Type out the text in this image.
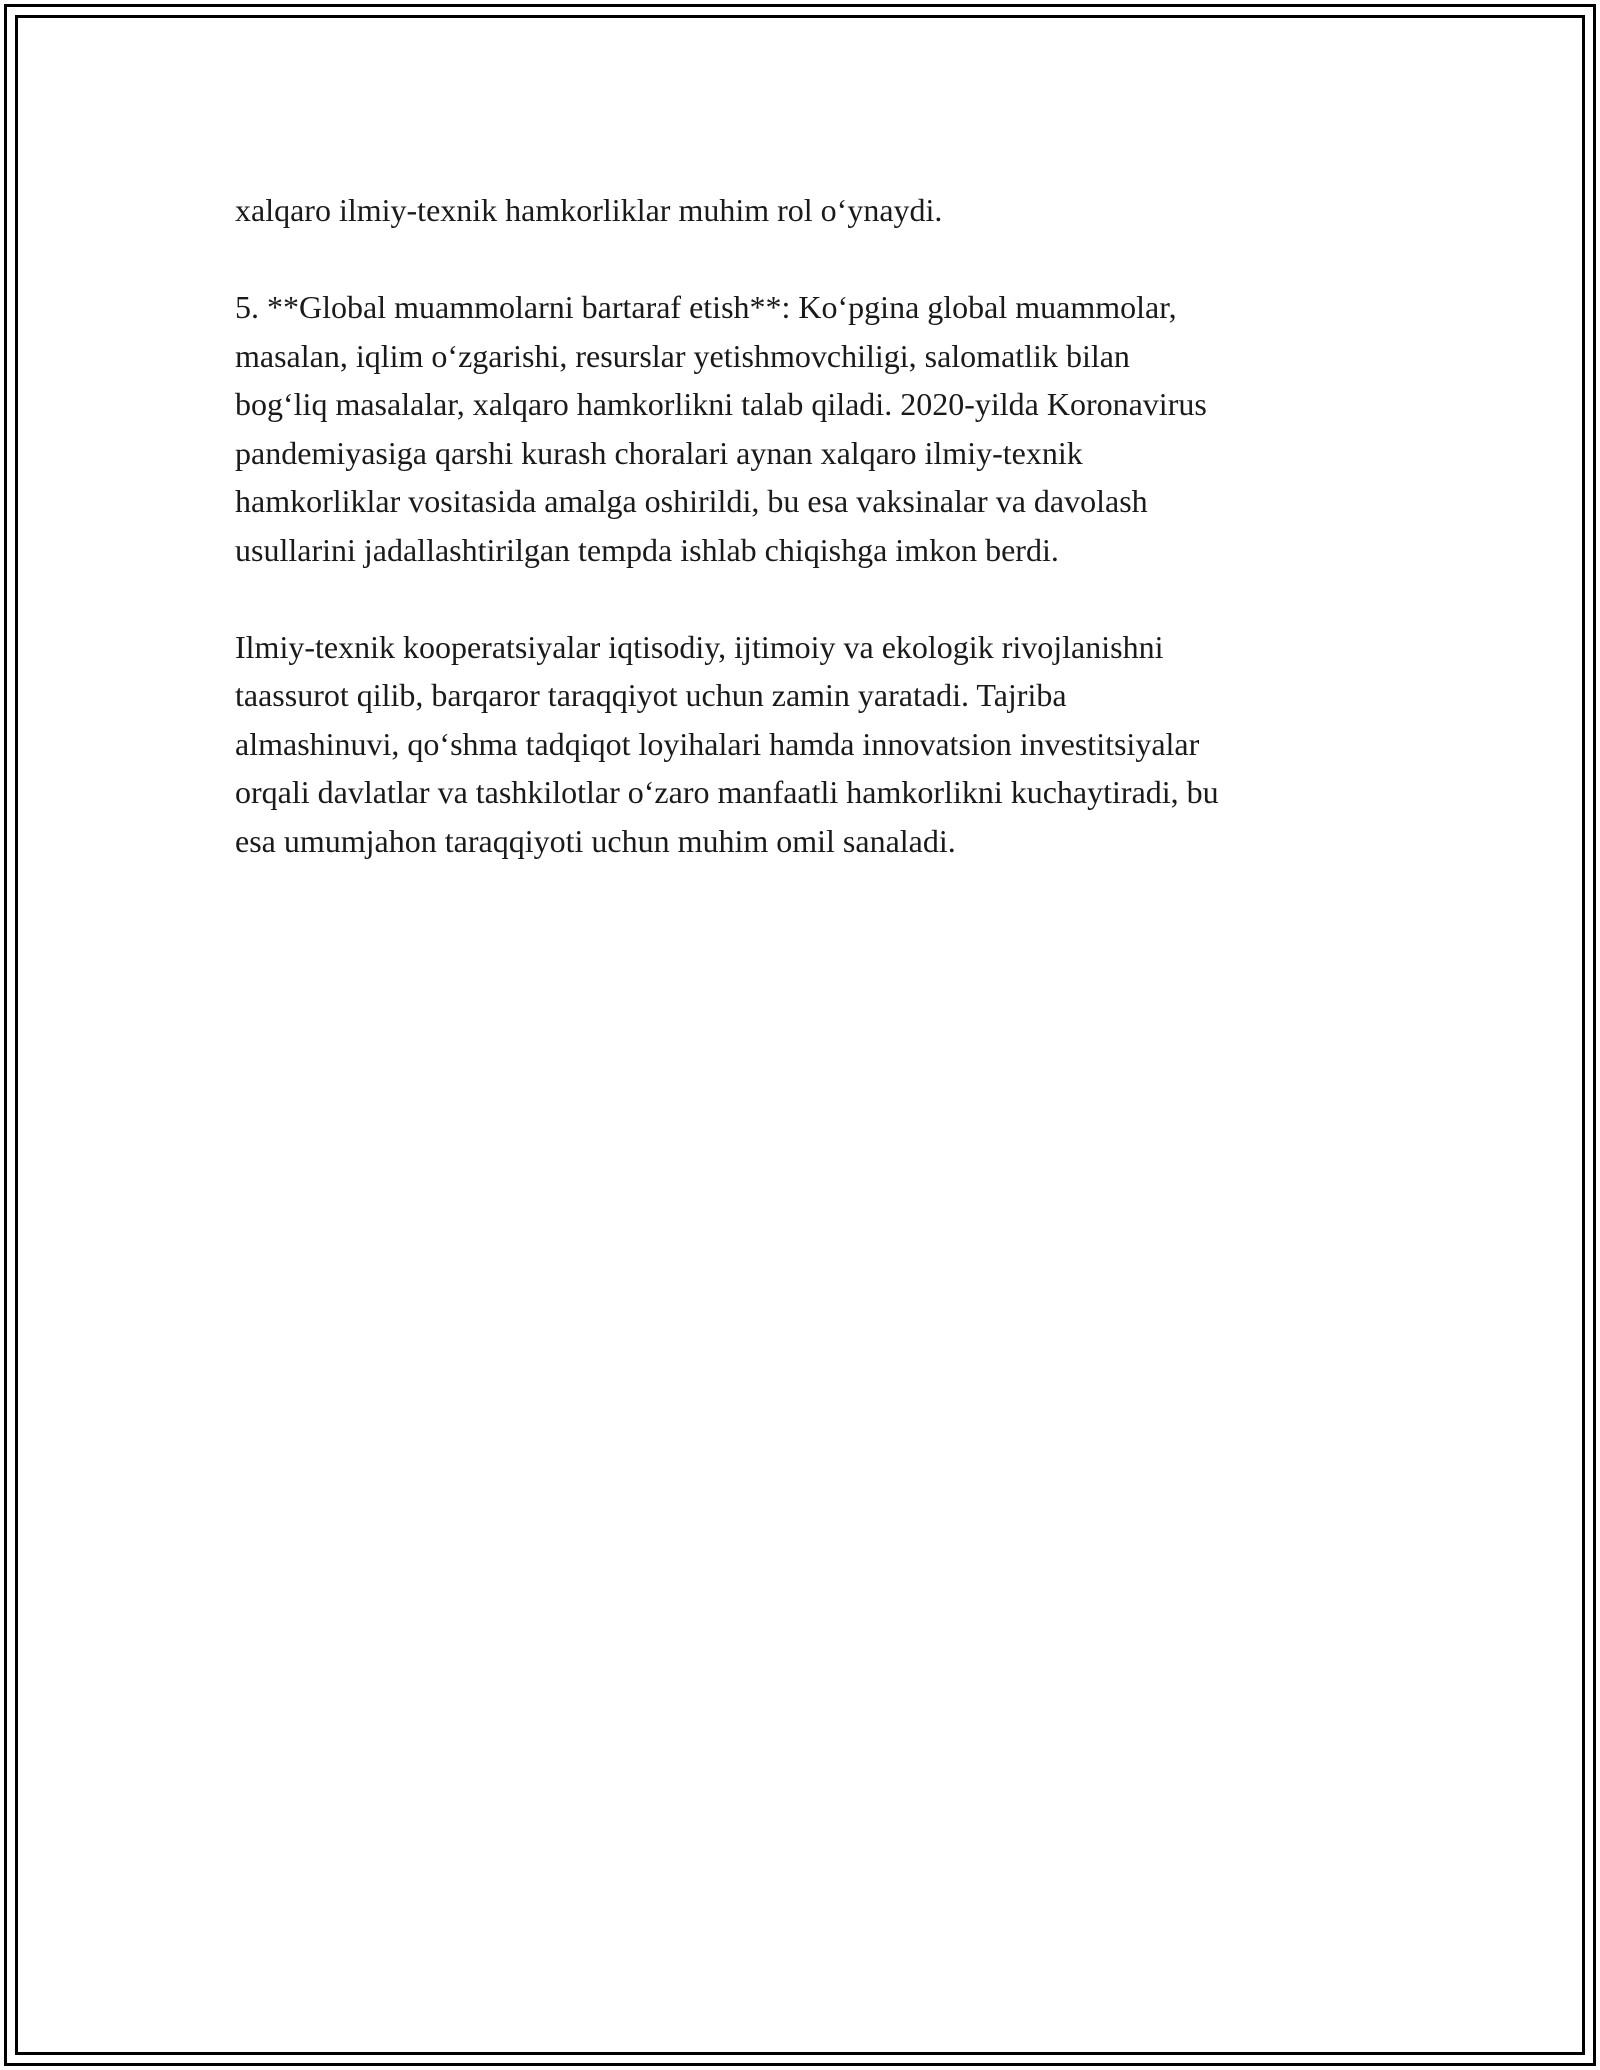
xalqaro ilmiy-texnik hamkorliklar muhim rol o‘ynaydi.

5. **Global muammolarni bartaraf etish**: Ko‘pgina global muammolar,
masalan, iqlim o‘zgarishi, resurslar yetishmovchiligi, salomatlik bilan
bog‘liq masalalar, xalqaro hamkorlikni talab qiladi. 2020-yilda Koronavirus
pandemiyasiga qarshi kurash choralari aynan xalqaro ilmiy-texnik
hamkorliklar vositasida amalga oshirildi, bu esa vaksinalar va davolash
usullarini jadallashtirilgan tempda ishlab chiqishga imkon berdi.

Ilmiy-texnik kooperatsiyalar iqtisodiy, ijtimoiy va ekologik rivojlanishni
taassurot qilib, barqaror taraqqiyot uchun zamin yaratadi. Tajriba
almashinuvi, qo‘shma tadqiqot loyihalari hamda innovatsion investitsiyalar
orqali davlatlar va tashkilotlar o‘zaro manfaatli hamkorlikni kuchaytiradi, bu
esa umumjahon taraqqiyoti uchun muhim omil sanaladi.
